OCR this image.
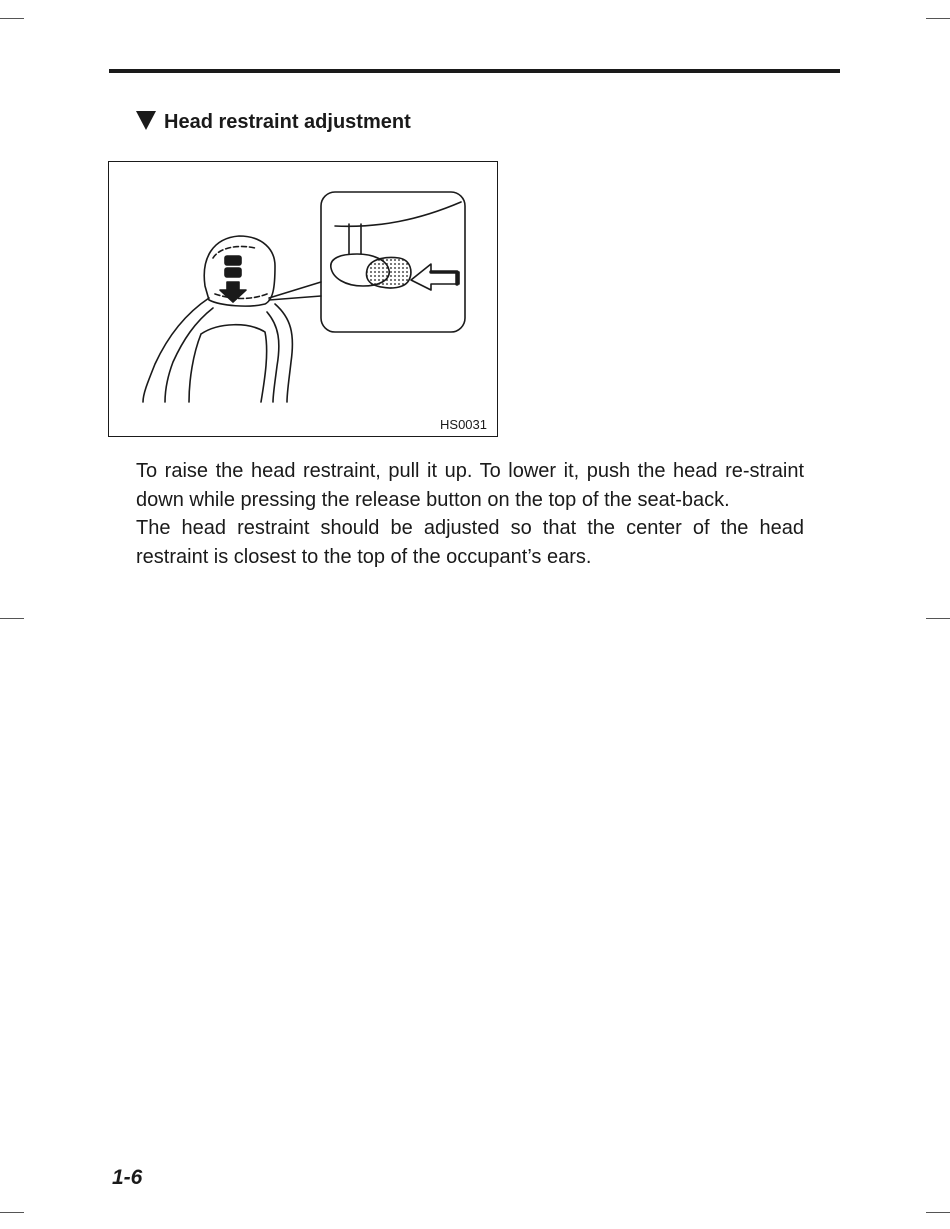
Head restraint adjustment
HS0031

To raise the head restraint, pull it up. To lower it, push the head re-straint down while pressing the release button on the top of the seat-back.

The head restraint should be adjusted so that the center of the head restraint is closest to the top of the occupant’s ears.

1-6
